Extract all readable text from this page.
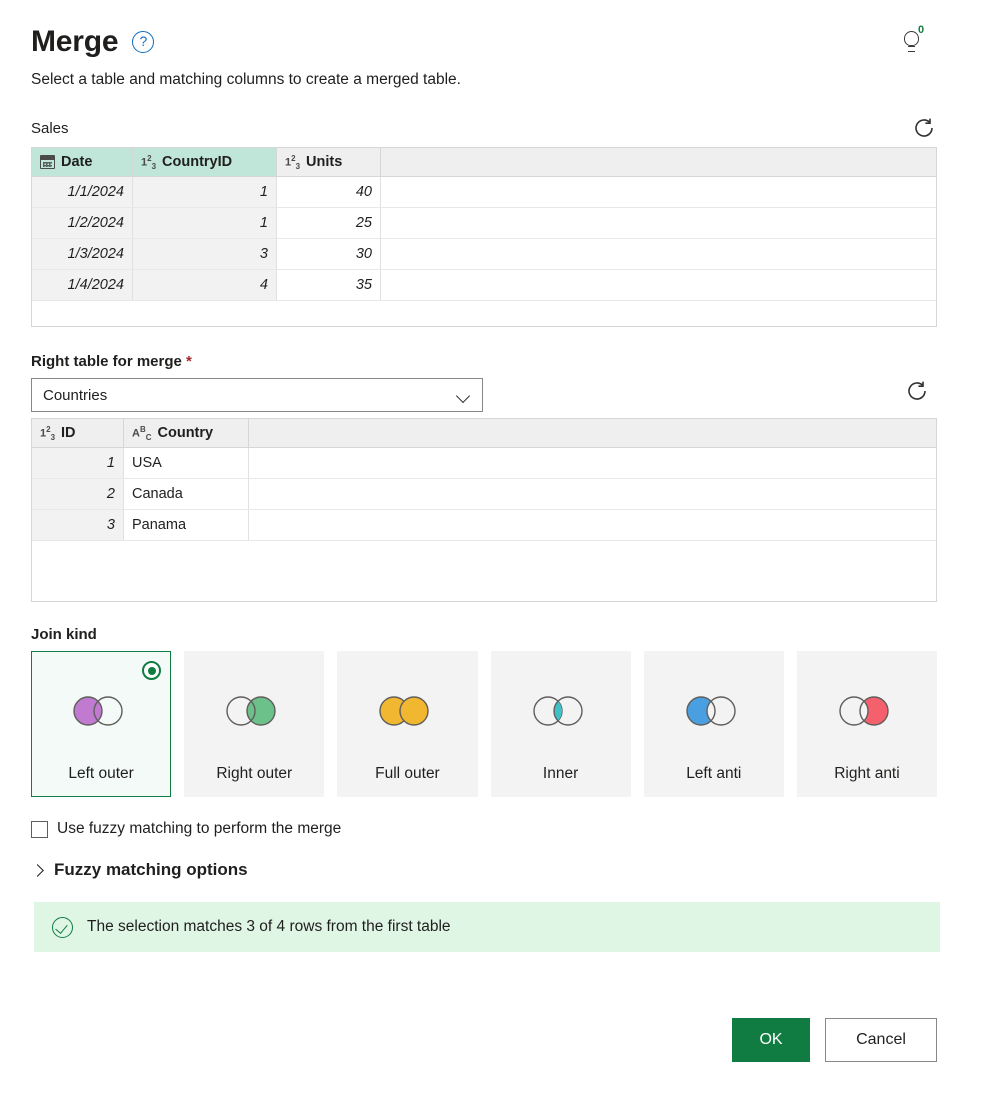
Merge	?
0
Select a table and matching columns to create a merged table.
Sales
Date	$1^2_3$ CountryID	$1^2_3$ Units
1/1/2024	1	40
1/2/2024	1	25
1/3/2024	3	30
1/4/2024	4	35
Right table for merge *
Countries
$1^2_3$ ID	$A^B_C$ Country
1	USA
2	Canada
3	Panama
Join kind
Left outer	Right outer	Full outer	Inner	Left anti	Right anti
Use fuzzy matching to perform the merge
Fuzzy matching options
The selection matches 3 of 4 rows from the first table
OK	Cancel
